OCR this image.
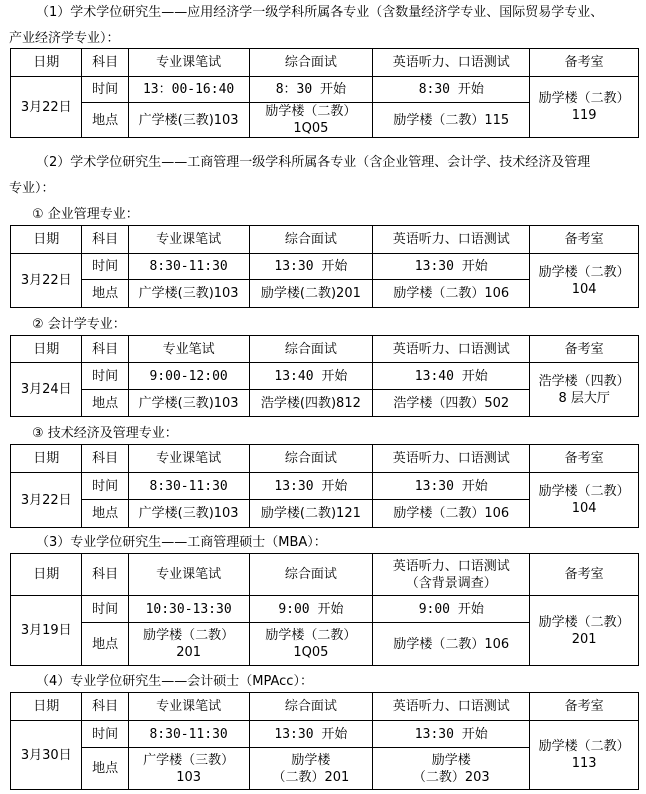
（1）学术学位研究生——应用经济学一级学科所属各专业（含数量经济学专业、国际贸易学专业、
产业经济学专业）：
日期	科目	专业课笔试	综合面试	英语听力、口语测试	备考室
3月22日	时间	13：00-16:40	8：30 开始	8:30 开始	励学楼（二教）
119

	地点	广学楼(三教)103	励学楼（二教）
1Q05	励学楼（二教）115	
（2）学术学位研究生——工商管理一级学科所属各专业（含企业管理、会计学、技术经济及管理
专业）：
① 企业管理专业：
日期	科目	专业课笔试	综合面试	英语听力、口语测试	备考室
3月22日	时间	8:30-11:30	13:30 开始	13:30 开始	励学楼（二教）
104

	地点	广学楼(三教)103	励学楼(二教)201	励学楼（二教）106	
② 会计学专业：
日期	科目	专业笔试	综合面试	英语听力、口语测试	备考室
3月24日	时间	9:00-12:00	13:40 开始	13:40 开始	浩学楼（四教）
8 层大厅

	地点	广学楼(三教)103	浩学楼(四教)812	浩学楼（四教）502	
③ 技术经济及管理专业：
日期	科目	专业课笔试	综合面试	英语听力、口语测试	备考室
3月22日	时间	8:30-11:30	13:30 开始	13:30 开始	励学楼（二教）
104

	地点	广学楼(三教)103	励学楼(二教)121	励学楼（二教）106	
（3）专业学位研究生——工商管理硕士（MBA）：
日期	科目	专业课笔试	综合面试	英语听力、口语测试
（含背景调查）	备考室
3月19日	时间	10:30-13:30	9:00 开始	9:00 开始	励学楼（二教）
201

	地点	励学楼（二教）
201	励学楼（二教）
1Q05	励学楼（二教）106	
（4）专业学位研究生——会计硕士（MPAcc）：
日期	科目	专业课笔试	综合面试	英语听力、口语测试	备考室
3月30日	时间	8:30-11:30	13:30 开始	13:30 开始	励学楼（二教）
113

	地点	广学楼（三教）
103	励学楼
（二教）201	励学楼
（二教）203	
